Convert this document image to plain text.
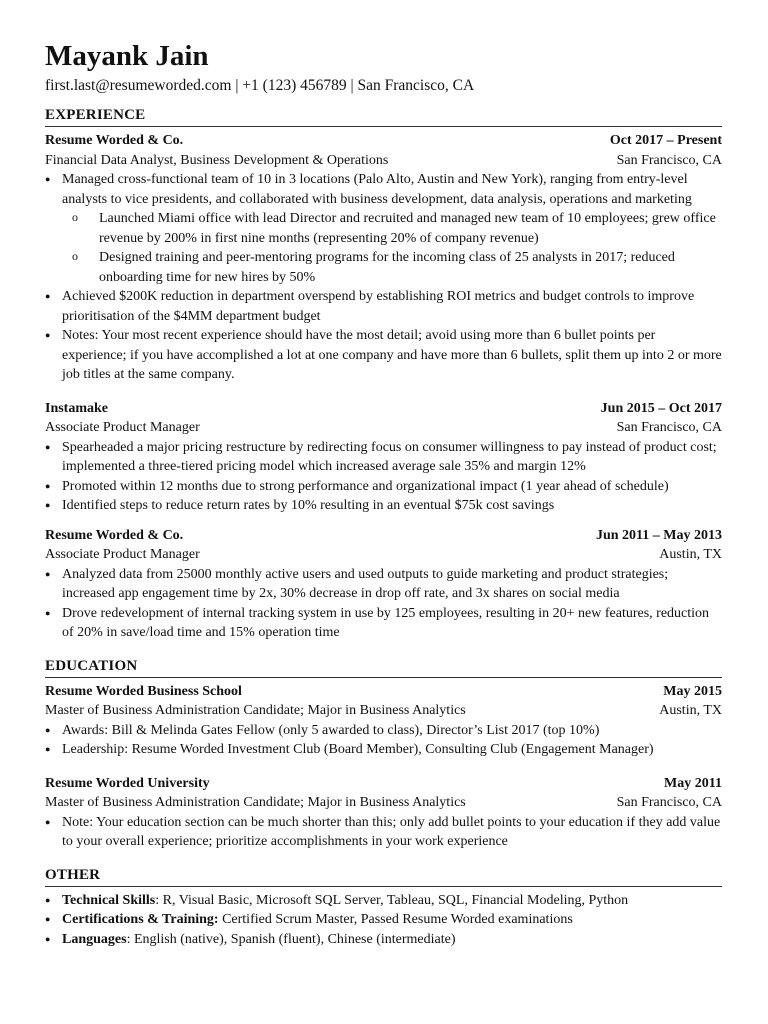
Mayank Jain
first.last@resumeworded.com | +1 (123) 456789 | San Francisco, CA
EXPERIENCE
Resume Worded & Co.	Oct 2017 – Present
Financial Data Analyst, Business Development & Operations	San Francisco, CA
● Managed cross-functional team of 10 in 3 locations (Palo Alto, Austin and New York), ranging from entry-level analysts to vice presidents, and collaborated with business development, data analysis, operations and marketing
o Launched Miami office with lead Director and recruited and managed new team of 10 employees; grew office revenue by 200% in first nine months (representing 20% of company revenue)
o Designed training and peer-mentoring programs for the incoming class of 25 analysts in 2017; reduced onboarding time for new hires by 50%
● Achieved $200K reduction in department overspend by establishing ROI metrics and budget controls to improve prioritisation of the $4MM department budget
● Notes: Your most recent experience should have the most detail; avoid using more than 6 bullet points per experience; if you have accomplished a lot at one company and have more than 6 bullets, split them up into 2 or more job titles at the same company.
Instamake	Jun 2015 – Oct 2017
Associate Product Manager	San Francisco, CA
● Spearheaded a major pricing restructure by redirecting focus on consumer willingness to pay instead of product cost; implemented a three-tiered pricing model which increased average sale 35% and margin 12%
● Promoted within 12 months due to strong performance and organizational impact (1 year ahead of schedule)
● Identified steps to reduce return rates by 10% resulting in an eventual $75k cost savings
Resume Worded & Co.	Jun 2011 – May 2013
Associate Product Manager	Austin, TX
● Analyzed data from 25000 monthly active users and used outputs to guide marketing and product strategies; increased app engagement time by 2x, 30% decrease in drop off rate, and 3x shares on social media
● Drove redevelopment of internal tracking system in use by 125 employees, resulting in 20+ new features, reduction of 20% in save/load time and 15% operation time
EDUCATION
Resume Worded Business School	May 2015
Master of Business Administration Candidate; Major in Business Analytics	Austin, TX
● Awards: Bill & Melinda Gates Fellow (only 5 awarded to class), Director’s List 2017 (top 10%)
● Leadership: Resume Worded Investment Club (Board Member), Consulting Club (Engagement Manager)
Resume Worded University	May 2011
Master of Business Administration Candidate; Major in Business Analytics	San Francisco, CA
● Note: Your education section can be much shorter than this; only add bullet points to your education if they add value to your overall experience; prioritize accomplishments in your work experience
OTHER
● Technical Skills: R, Visual Basic, Microsoft SQL Server, Tableau, SQL, Financial Modeling, Python
● Certifications & Training: Certified Scrum Master, Passed Resume Worded examinations
● Languages: English (native), Spanish (fluent), Chinese (intermediate)
